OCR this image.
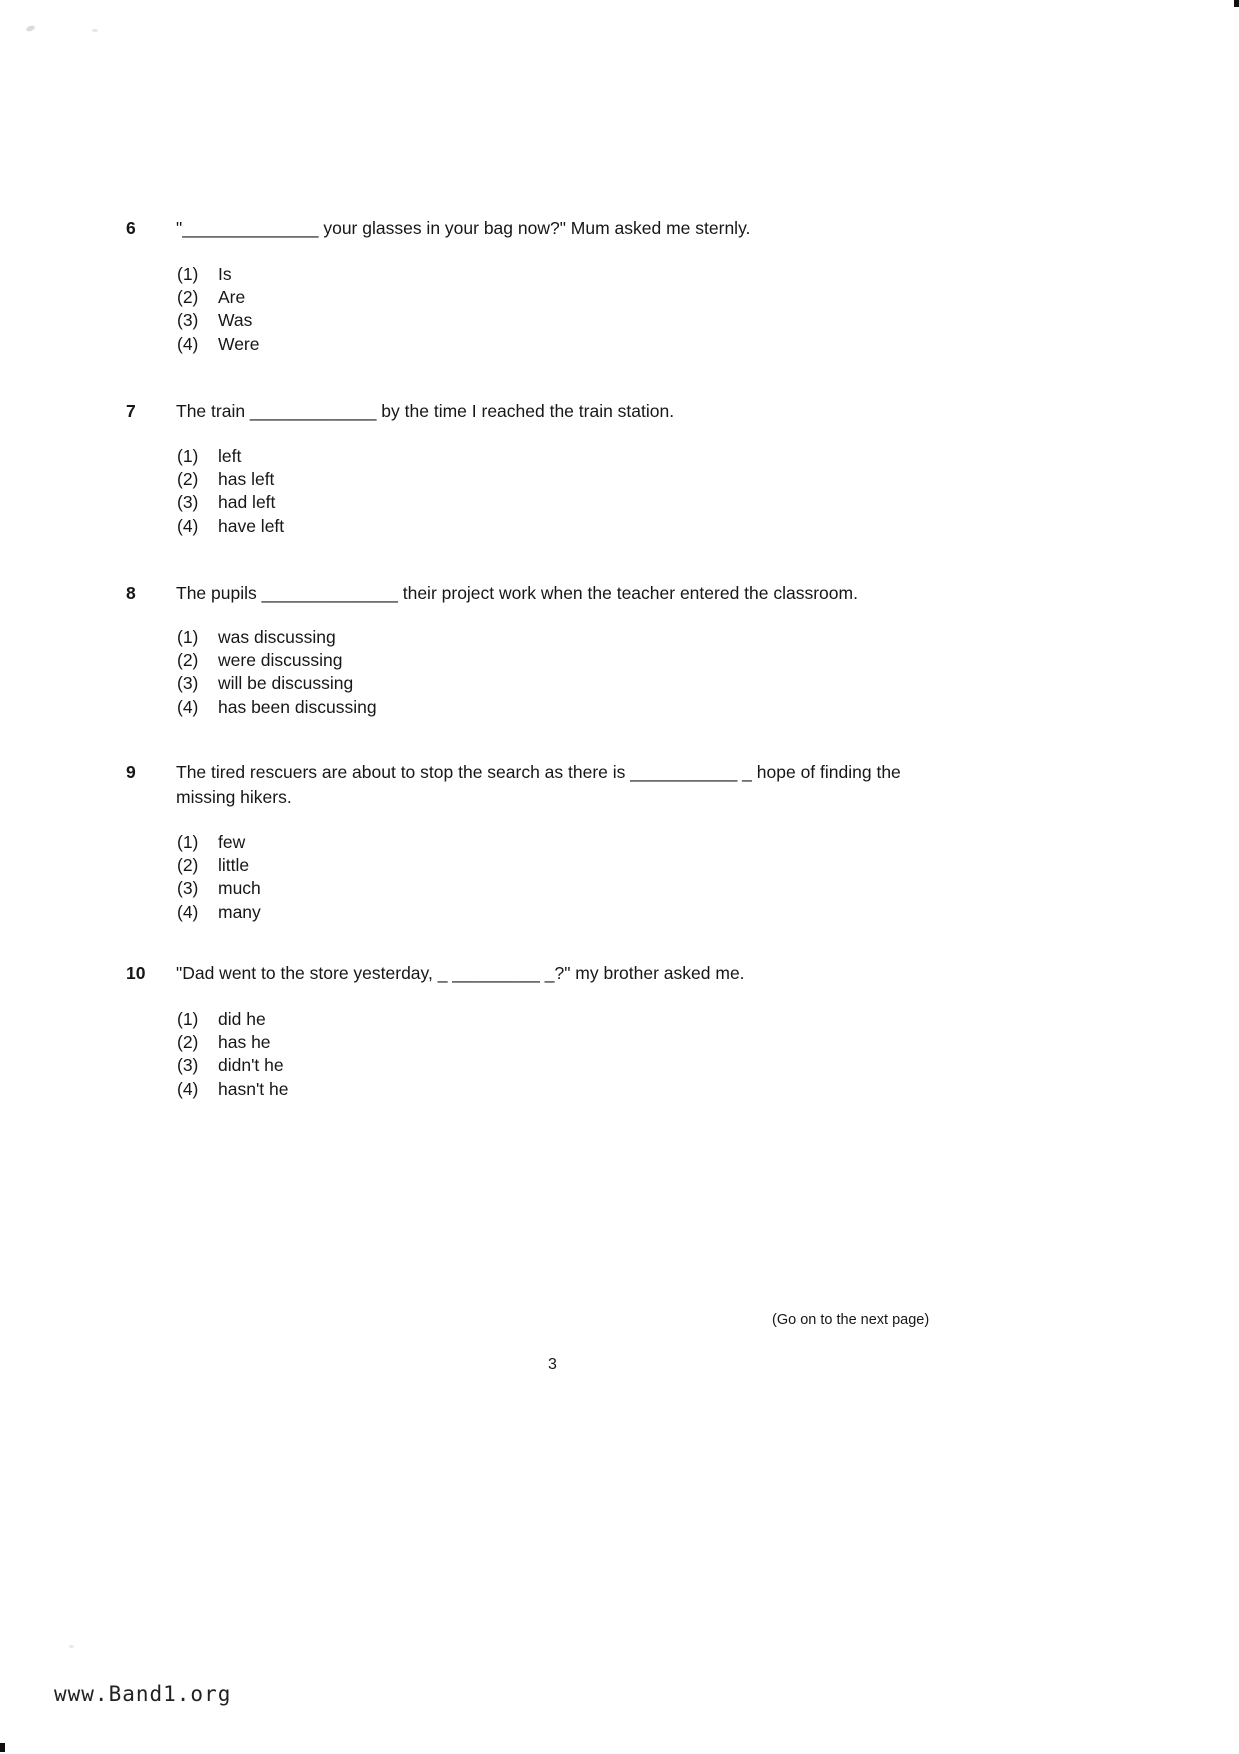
6 "______________ your glasses in your bag now?" Mum asked me sternly.
(1)	Is
(2)	Are
(3)	Was
(4)	Were
7 The train _____________ by the time I reached the train station.
(1)	left
(2)	has left
(3)	had left
(4)	have left
8 The pupils ______________ their project work when the teacher entered the classroom.
(1)	was discussing
(2)	were discussing
(3)	will be discussing
(4)	has been discussing
9 The tired rescuers are about to stop the search as there is ___________ _ hope of finding the
missing hikers.
(1)	few
(2)	little
(3)	much
(4)	many
10 "Dad went to the store yesterday, _ _________ _?" my brother asked me.
(1)	did he
(2)	has he
(3)	didn't he
(4)	hasn't he
(Go on to the next page)
3
www.Band1.org
